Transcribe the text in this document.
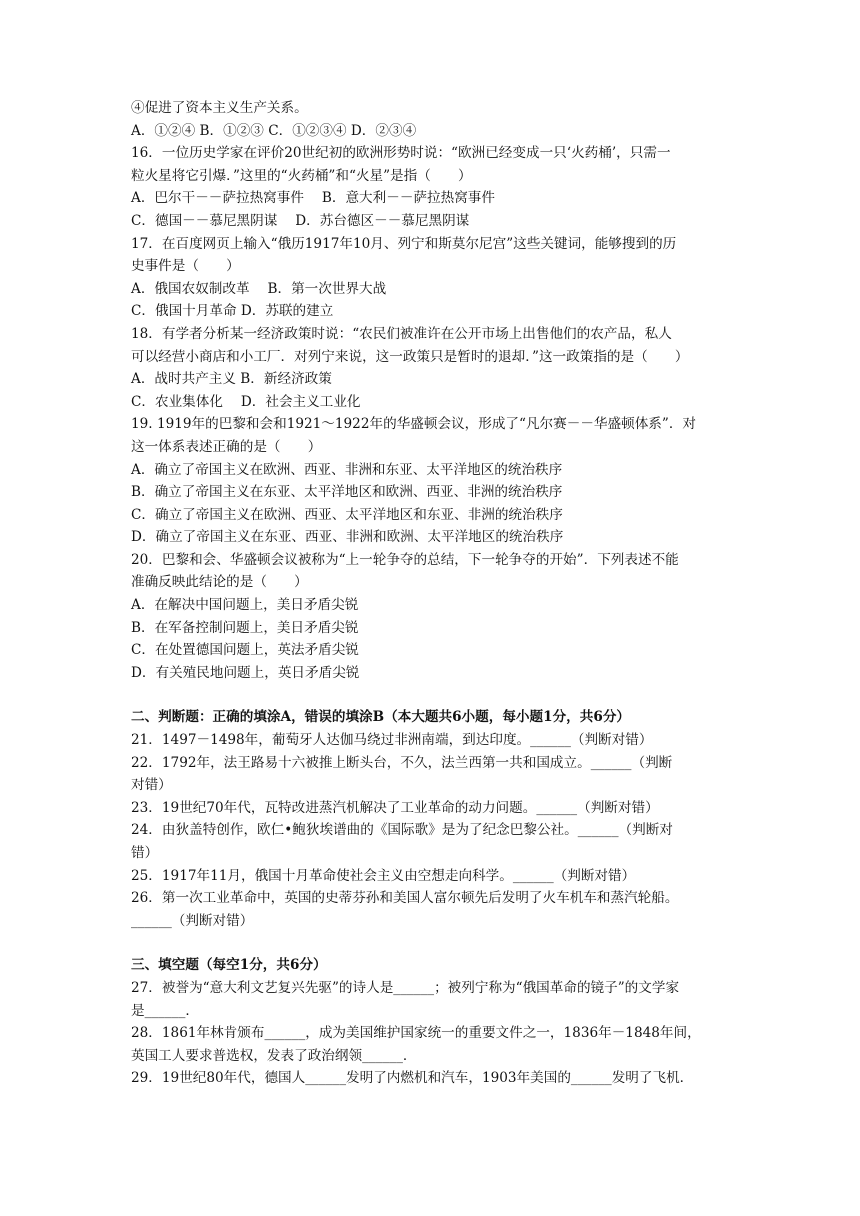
④促进了资本主义生产关系。
A．①②④ B．①②③ C．①②③④ D．②③④
16．一位历史学家在评价20世纪初的欧洲形势时说：“欧洲已经变成一只‘火药桶’，只需一
粒火星将它引爆．”这里的“火药桶”和“火星”是指（　　）
A．巴尔干－－萨拉热窝事件　 B．意大利－－萨拉热窝事件
C．德国－－慕尼黑阴谋　 D．苏台德区－－慕尼黑阴谋
17．在百度网页上输入“俄历1917年10月、列宁和斯莫尔尼宫”这些关键词，能够搜到的历
史事件是（　　）
A．俄国农奴制改革　 B．第一次世界大战
C．俄国十月革命 D．苏联的建立
18．有学者分析某一经济政策时说：“农民们被准许在公开市场上出售他们的农产品，私人
可以经营小商店和小工厂．对列宁来说，这一政策只是暂时的退却．”这一政策指的是（　　）
A．战时共产主义 B．新经济政策
C．农业集体化　 D．社会主义工业化
19. 1919年的巴黎和会和1921～1922年的华盛顿会议，形成了“凡尔赛－－华盛顿体系”．对
这一体系表述正确的是（　　）
A．确立了帝国主义在欧洲、西亚、非洲和东亚、太平洋地区的统治秩序
B．确立了帝国主义在东亚、太平洋地区和欧洲、西亚、非洲的统治秩序
C．确立了帝国主义在欧洲、西亚、太平洋地区和东亚、非洲的统治秩序
D．确立了帝国主义在东亚、西亚、非洲和欧洲、太平洋地区的统治秩序
20．巴黎和会、华盛顿会议被称为“上一轮争夺的总结，下一轮争夺的开始”．下列表述不能
准确反映此结论的是（　　）
A．在解决中国问题上，美日矛盾尖锐
B．在军备控制问题上，美日矛盾尖锐
C．在处置德国问题上，英法矛盾尖锐
D．有关殖民地问题上，英日矛盾尖锐
二、判断题：正确的填涂A，错误的填涂B（本大题共6小题，每小题1分，共6分）
21．1497－1498年，葡萄牙人达伽马绕过非洲南端，到达印度。______（判断对错）
22．1792年，法王路易十六被推上断头台，不久，法兰西第一共和国成立。______（判断
对错）
23．19世纪70年代，瓦特改进蒸汽机解决了工业革命的动力问题。______（判断对错）
24．由狄盖特创作，欧仁•鲍狄埃谱曲的《国际歌》是为了纪念巴黎公社。______（判断对
错）
25．1917年11月，俄国十月革命使社会主义由空想走向科学。______（判断对错）
26．第一次工业革命中，英国的史蒂芬孙和美国人富尔顿先后发明了火车机车和蒸汽轮船。
______（判断对错）
三、填空题（每空1分，共6分）
27．被誉为“意大利文艺复兴先驱”的诗人是______；被列宁称为“俄国革命的镜子”的文学家
是______．
28．1861年林肯颁布______，成为美国维护国家统一的重要文件之一，1836年－1848年间，
英国工人要求普选权，发表了政治纲领______．
29．19世纪80年代，德国人______发明了内燃机和汽车，1903年美国的______发明了飞机．
